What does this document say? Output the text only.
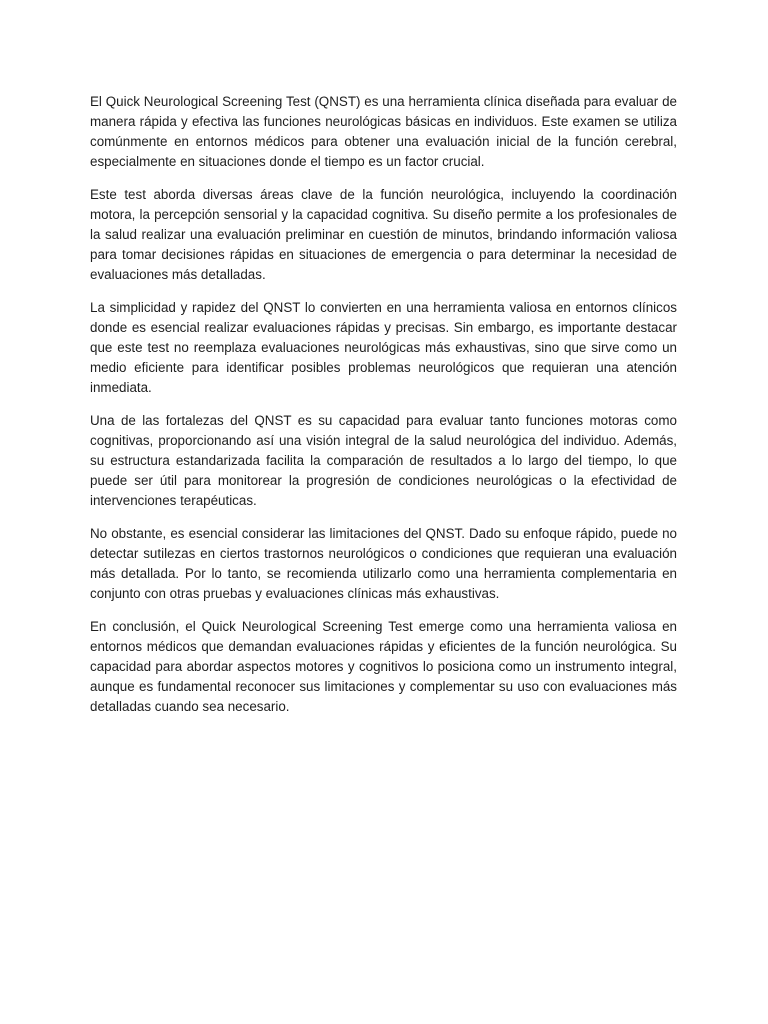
El Quick Neurological Screening Test (QNST) es una herramienta clínica diseñada para evaluar de manera rápida y efectiva las funciones neurológicas básicas en individuos. Este examen se utiliza comúnmente en entornos médicos para obtener una evaluación inicial de la función cerebral, especialmente en situaciones donde el tiempo es un factor crucial.

Este test aborda diversas áreas clave de la función neurológica, incluyendo la coordinación motora, la percepción sensorial y la capacidad cognitiva. Su diseño permite a los profesionales de la salud realizar una evaluación preliminar en cuestión de minutos, brindando información valiosa para tomar decisiones rápidas en situaciones de emergencia o para determinar la necesidad de evaluaciones más detalladas.

La simplicidad y rapidez del QNST lo convierten en una herramienta valiosa en entornos clínicos donde es esencial realizar evaluaciones rápidas y precisas. Sin embargo, es importante destacar que este test no reemplaza evaluaciones neurológicas más exhaustivas, sino que sirve como un medio eficiente para identificar posibles problemas neurológicos que requieran una atención inmediata.

Una de las fortalezas del QNST es su capacidad para evaluar tanto funciones motoras como cognitivas, proporcionando así una visión integral de la salud neurológica del individuo. Además, su estructura estandarizada facilita la comparación de resultados a lo largo del tiempo, lo que puede ser útil para monitorear la progresión de condiciones neurológicas o la efectividad de intervenciones terapéuticas.

No obstante, es esencial considerar las limitaciones del QNST. Dado su enfoque rápido, puede no detectar sutilezas en ciertos trastornos neurológicos o condiciones que requieran una evaluación más detallada. Por lo tanto, se recomienda utilizarlo como una herramienta complementaria en conjunto con otras pruebas y evaluaciones clínicas más exhaustivas.

En conclusión, el Quick Neurological Screening Test emerge como una herramienta valiosa en entornos médicos que demandan evaluaciones rápidas y eficientes de la función neurológica. Su capacidad para abordar aspectos motores y cognitivos lo posiciona como un instrumento integral, aunque es fundamental reconocer sus limitaciones y complementar su uso con evaluaciones más detalladas cuando sea necesario.
